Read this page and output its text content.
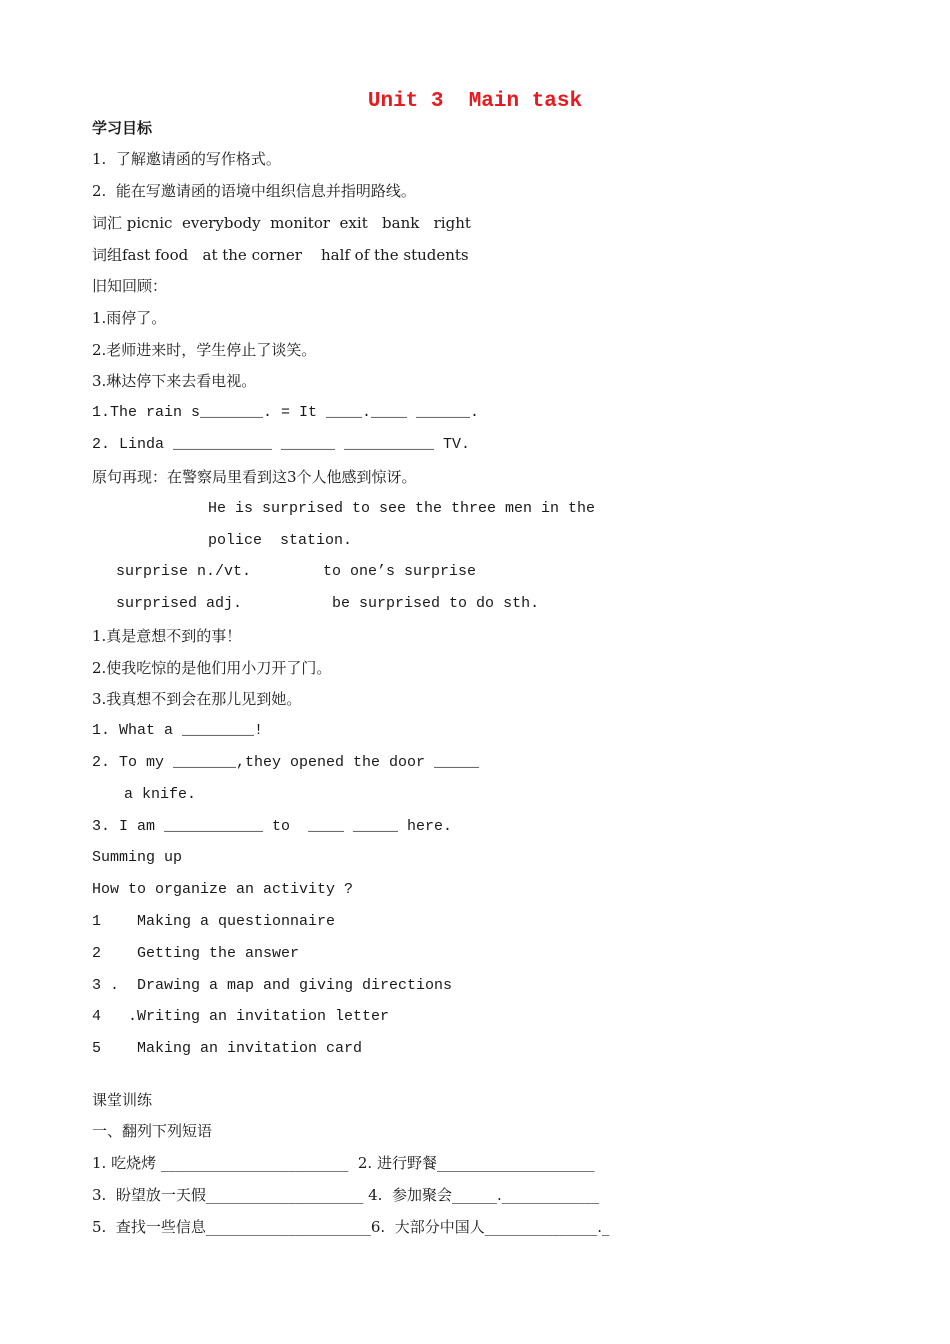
Unit 3  Main task
学习目标
1.  了解邀请函的写作格式。
2.  能在写邀请函的语境中组织信息并指明路线。
词汇 picnic  everybody  monitor  exit   bank   right
词组fast food   at the corner    half of the students
旧知回顾：
1.雨停了。
2.老师进来时，学生停止了谈笑。
3.琳达停下来去看电视。
1.The rain s_______. = It ____.____ ______.
2. Linda ___________ ______ __________ TV.
原句再现：在警察局里看到这3个人他感到惊讶。
He is surprised to see the three men in the
police  station.
surprise n./vt.        to one’s surprise
surprised adj.          be surprised to do sth.
1.真是意想不到的事！
2.使我吃惊的是他们用小刀开了门。
3.我真想不到会在那儿见到她。
1. What a ________!
2. To my _______,they opened the door _____
a knife.
3. I am ___________ to  ____ _____ here.
Summing up
How to organize an activity ?
1    Making a questionnaire
2    Getting the answer
3 .  Drawing a map and giving directions
4   .Writing an invitation letter
5    Making an invitation card
课堂训练
一、翻列下列短语
1. 吃烧烤 _________________________  2. 进行野餐_____________________
3.  盼望放一天假_____________________ 4.  参加聚会______._____________
5.  查找一些信息______________________6.  大部分中国人_______________._
